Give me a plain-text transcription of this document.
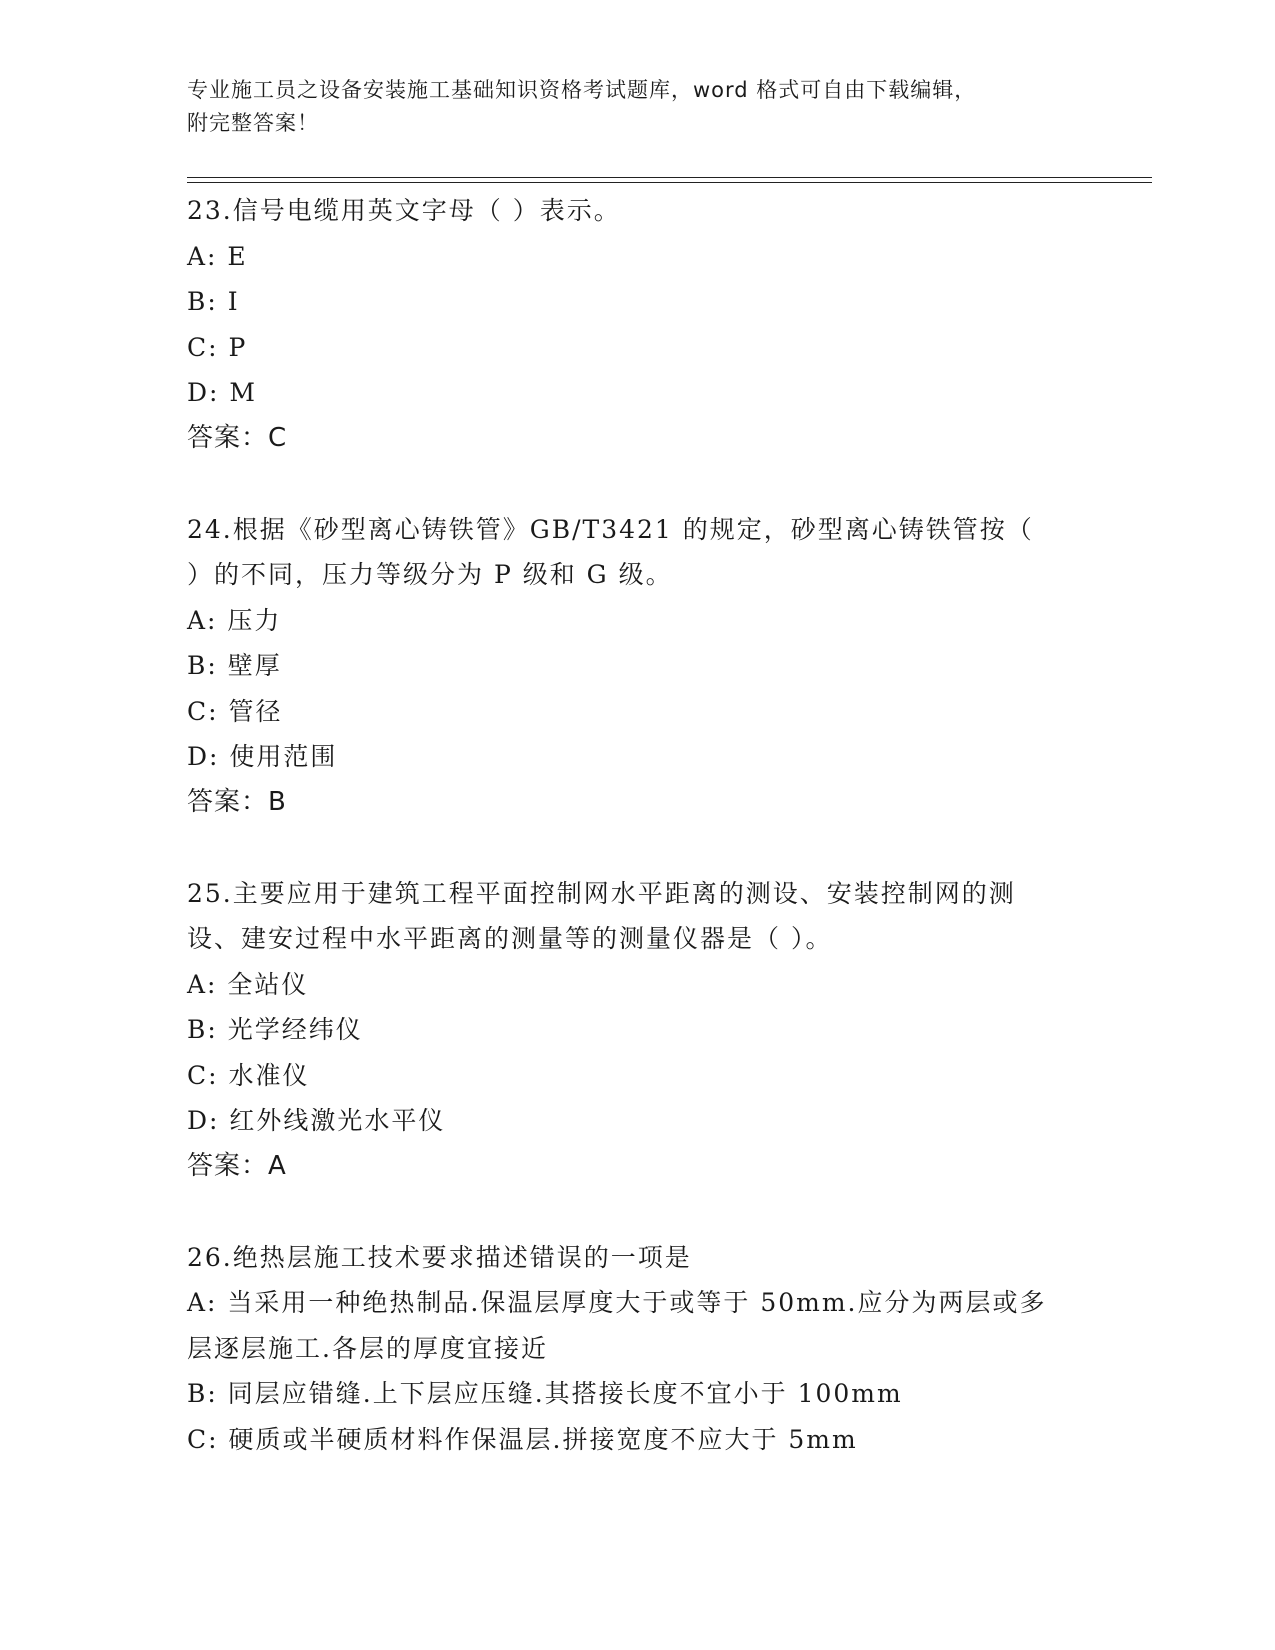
专业施工员之设备安装施工基础知识资格考试题库，word 格式可自由下载编辑，
附完整答案！
23.信号电缆用英文字母（ ）表示。
A: E
B: I
C: P
D: M
答案：C
24.根据《砂型离心铸铁管》GB/T3421 的规定，砂型离心铸铁管按（
）的不同，压力等级分为 P 级和 G 级。
A: 压力
B: 壁厚
C: 管径
D: 使用范围
答案：B
25.主要应用于建筑工程平面控制网水平距离的测设、安装控制网的测
设、建安过程中水平距离的测量等的测量仪器是（ ）。
A: 全站仪
B: 光学经纬仪
C: 水准仪
D: 红外线激光水平仪
答案：A
26.绝热层施工技术要求描述错误的一项是
A: 当采用一种绝热制品.保温层厚度大于或等于 50mm.应分为两层或多
层逐层施工.各层的厚度宜接近
B: 同层应错缝.上下层应压缝.其搭接长度不宜小于 100mm
C: 硬质或半硬质材料作保温层.拼接宽度不应大于 5mm
